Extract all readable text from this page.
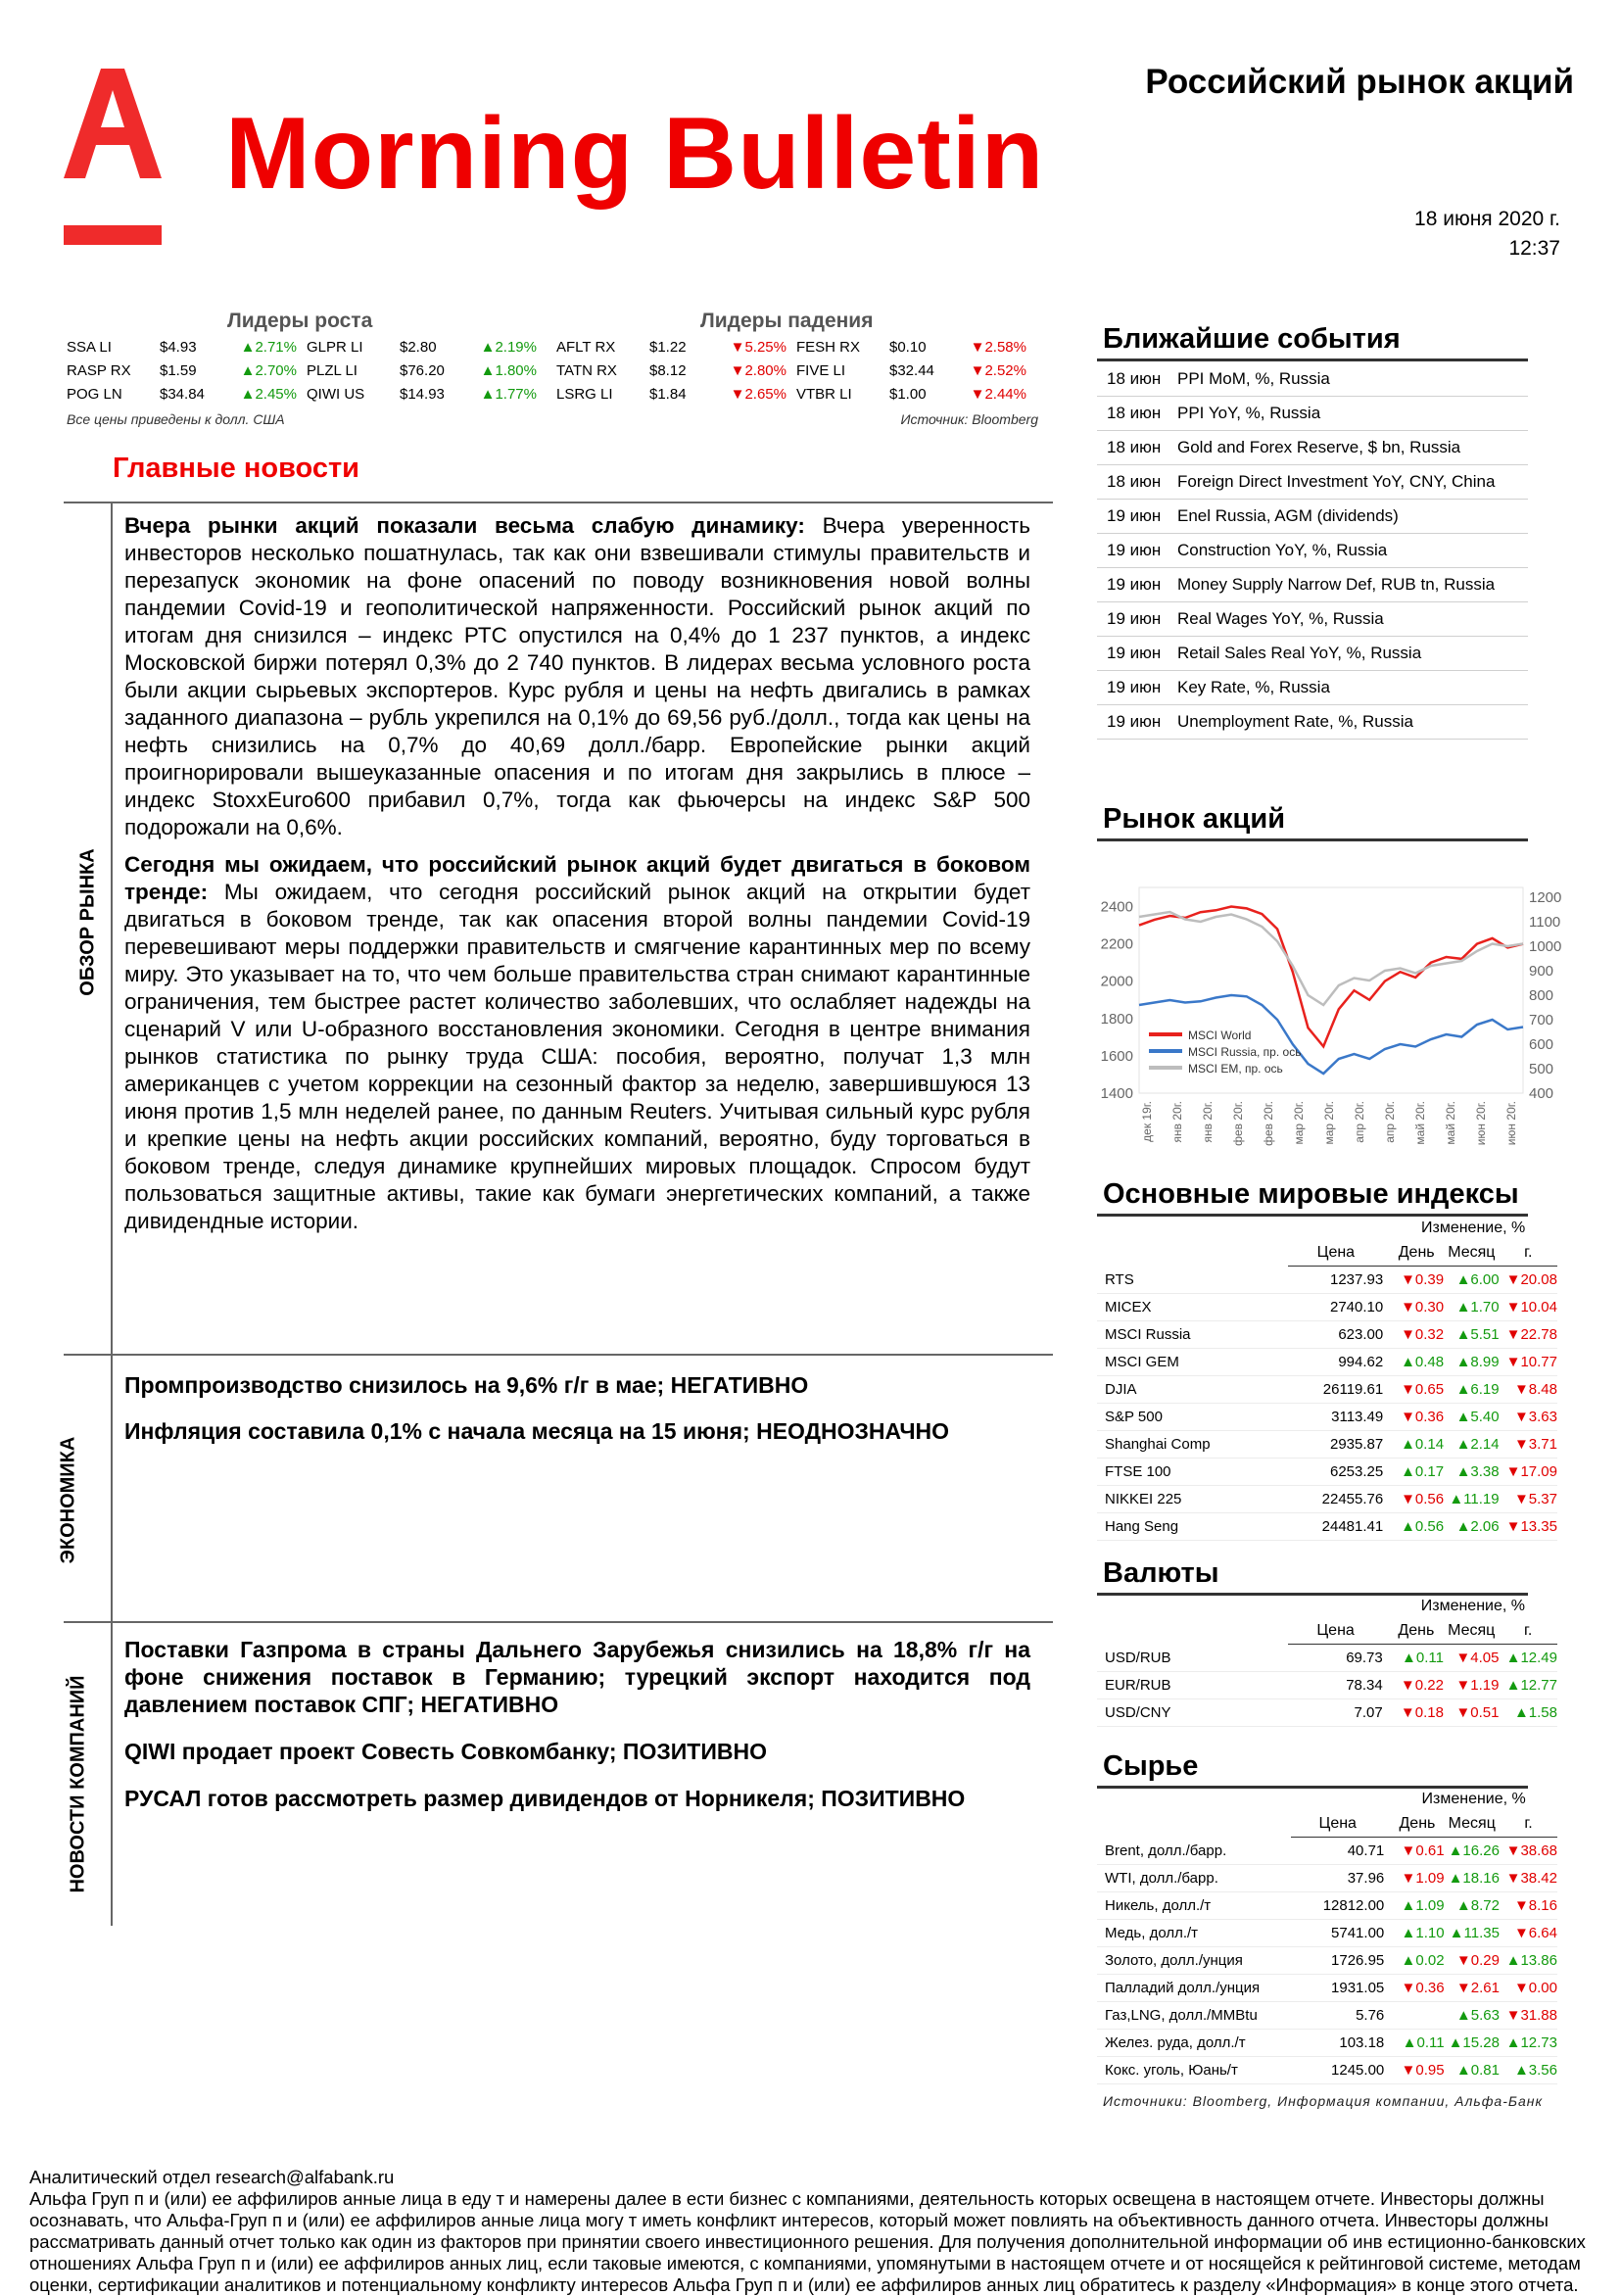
Morning Bulletin
Российский рынок акций
18 июня 2020 г.
12:37
Лидеры роста	Лидеры падения
SSA LI	$4.93	▲2.71%	GLPR LI	$2.80	▲2.19%
RASP RX	$1.59	▲2.70%	PLZL LI	$76.20	▲1.80%
POG LN	$34.84	▲2.45%	QIWI US	$14.93	▲1.77%
AFLT RX	$1.22	▼5.25%	FESH RX	$0.10	▼2.58%
TATN RX	$8.12	▼2.80%	FIVE LI	$32.44	▼2.52%
LSRG LI	$1.84	▼2.65%	VTBR LI	$1.00	▼2.44%
Все цены приведены к долл. США	Источник: Bloomberg
Главные новости
ОБЗОР РЫНКА

Вчера рынки акций показали весьма слабую динамику: Вчера уверенность инвесторов несколько пошатнулась, так как они взвешивали стимулы правительств и перезапуск экономик на фоне опасений по поводу возникновения новой волны пандемии Covid-19 и геополитической напряженности. Российский рынок акций по итогам дня снизился – индекс РТС опустился на 0,4% до 1 237 пунктов, а индекс Московской биржи потерял 0,3% до 2 740 пунктов. В лидерах весьма условного роста были акции сырьевых экспортеров. Курс рубля и цены на нефть двигались в рамках заданного диапазона – рубль укрепился на 0,1% до 69,56 руб./долл., тогда как цены на нефть снизились на 0,7% до 40,69 долл./барр. Европейские рынки акций проигнорировали вышеуказанные опасения и по итогам дня закрылись в плюсе – индекс StoxxEuro600 прибавил 0,7%, тогда как фьючерсы на индекс S&P 500 подорожали на 0,6%.

Сегодня мы ожидаем, что российский рынок акций будет двигаться в боковом тренде: Мы ожидаем, что сегодня российский рынок акций на открытии будет двигаться в боковом тренде, так как опасения второй волны пандемии Covid-19 перевешивают меры поддержки правительств и смягчение карантинных мер по всему миру. Это указывает на то, что чем больше правительства стран снимают карантинные ограничения, тем быстрее растет количество заболевших, что ослабляет надежды на сценарий V или U-образного восстановления экономики. Сегодня в центре внимания рынков статистика по рынку труда США: пособия, вероятно, получат 1,3 млн американцев с учетом коррекции на сезонный фактор за неделю, завершившуюся 13 июня против 1,5 млн неделей ранее, по данным Reuters. Учитывая сильный курс рубля и крепкие цены на нефть акции российских компаний, вероятно, буду торговаться в боковом тренде, следуя динамике крупнейших мировых площадок. Спросом будут пользоваться защитные активы, такие как бумаги энергетических компаний, а также дивидендные истории.

ЭКОНОМИКА
Промпроизводство снизилось на 9,6% г/г в мае; НЕГАТИВНО
Инфляция составила 0,1% с начала месяца на 15 июня; НЕОДНОЗНАЧНО
НОВОСТИ КОМПАНИЙ
Поставки Газпрома в страны Дальнего Зарубежья снизились на 18,8% г/г на фоне снижения поставок в Германию; турецкий экспорт находится под давлением поставок СПГ; НЕГАТИВНО
QIWI продает проект Совесть Совкомбанку; ПОЗИТИВНО
РУСАЛ готов рассмотреть размер дивидендов от Норникеля; ПОЗИТИВНО
Ближайшие события
18 июн	PPI MoM, %, Russia
18 июн	PPI YoY, %, Russia
18 июн	Gold and Forex Reserve, $ bn, Russia
18 июн	Foreign Direct Investment YoY, CNY, China
19 июн	Enel Russia, AGM (dividends)
19 июн	Construction YoY, %, Russia
19 июн	Money Supply Narrow Def, RUB tn, Russia
19 июн	Real Wages YoY, %, Russia
19 июн	Retail Sales Real YoY, %, Russia
19 июн	Key Rate, %, Russia
19 июн	Unemployment Rate, %, Russia
Рынок акций
1400
1600
1800
2000
2200
2400
400
500
600
700
800
900
1000
1100
1200
дек 19г. янв 20г. янв 20г. фев 20г. фев 20г. мар 20г. мар 20г. апр 20г. апр 20г. май 20г. май 20г. июн 20г. июн 20г.
MSCI World
MSCI Russia, пр. ось
MSCI EM, пр. ось
Основные мировые индексы
		Изменение, %		
	Цена	День	Месяц	г.
RTS	1237.93	▼0.39	▲6.00	▼20.08
MICEX	2740.10	▼0.30	▲1.70	▼10.04
MSCI Russia	623.00	▼0.32	▲5.51	▼22.78
MSCI GEM	994.62	▲0.48	▲8.99	▼10.77
DJIA	26119.61	▼0.65	▲6.19	▼8.48
S&P 500	3113.49	▼0.36	▲5.40	▼3.63
Shanghai Comp	2935.87	▲0.14	▲2.14	▼3.71
FTSE 100	6253.25	▲0.17	▲3.38	▼17.09
NIKKEI 225	22455.76	▼0.56	▲11.19	▼5.37
Hang Seng	24481.41	▲0.56	▲2.06	▼13.35
Валюты
		Изменение, %		
	Цена	День	Месяц	г.
USD/RUB	69.73	▲0.11	▼4.05	▲12.49
EUR/RUB	78.34	▼0.22	▼1.19	▲12.77
USD/CNY	7.07	▼0.18	▼0.51	▲1.58
Сырье
		Изменение, %		
	Цена	День	Месяц	г.
Brent, долл./барр.	40.71	▼0.61	▲16.26	▼38.68
WTI, долл./барр.	37.96	▼1.09	▲18.16	▼38.42
Никель, долл./т	12812.00	▲1.09	▲8.72	▼8.16
Медь, долл./т	5741.00	▲1.10	▲11.35	▼6.64
Золото, долл./унция	1726.95	▲0.02	▼0.29	▲13.86
Палладий долл./унция	1931.05	▼0.36	▼2.61	▼0.00
Газ,LNG, долл./MMBtu	5.76		▲5.63	▼31.88
Желез. руда, долл./т	103.18	▲0.11	▲15.28	▲12.73
Кокс. уголь, Юань/т	1245.00	▼0.95	▲0.81	▲3.56
Источники: Bloomberg, Информация компании, Альфа-Банк
Аналитический отдел research@alfabank.ru
Альфа Груп п и (или) ее аффилиров анные лица в еду т и намерены далее в ести бизнес с компаниями, деятельность которых освещена в настоящем отчете. Инвесторы должны
осознавать, что Альфа-Груп п и (или) ее аффилиров анные лица могу т иметь конфликт интересов, который может повлиять на объективность данного отчета. Инвесторы должны
рассматривать данный отчет только как один из факторов при принятии своего инвестиционного решения. Для получения дополнительной информации об инв естиционно-банковских
отношениях Альфа Груп п и (или) ее аффилиров анных лиц, если таковые имеются, с компаниями, упомянутыми в настоящем отчете и от носящейся к рейтинговой системе, методам
оценки, сертификации аналитиков и потенциальному конфликту интересов Альфа Груп п и (или) ее аффилиров анных лиц обратитесь к разделу «Информация» в конце этого отчета.
